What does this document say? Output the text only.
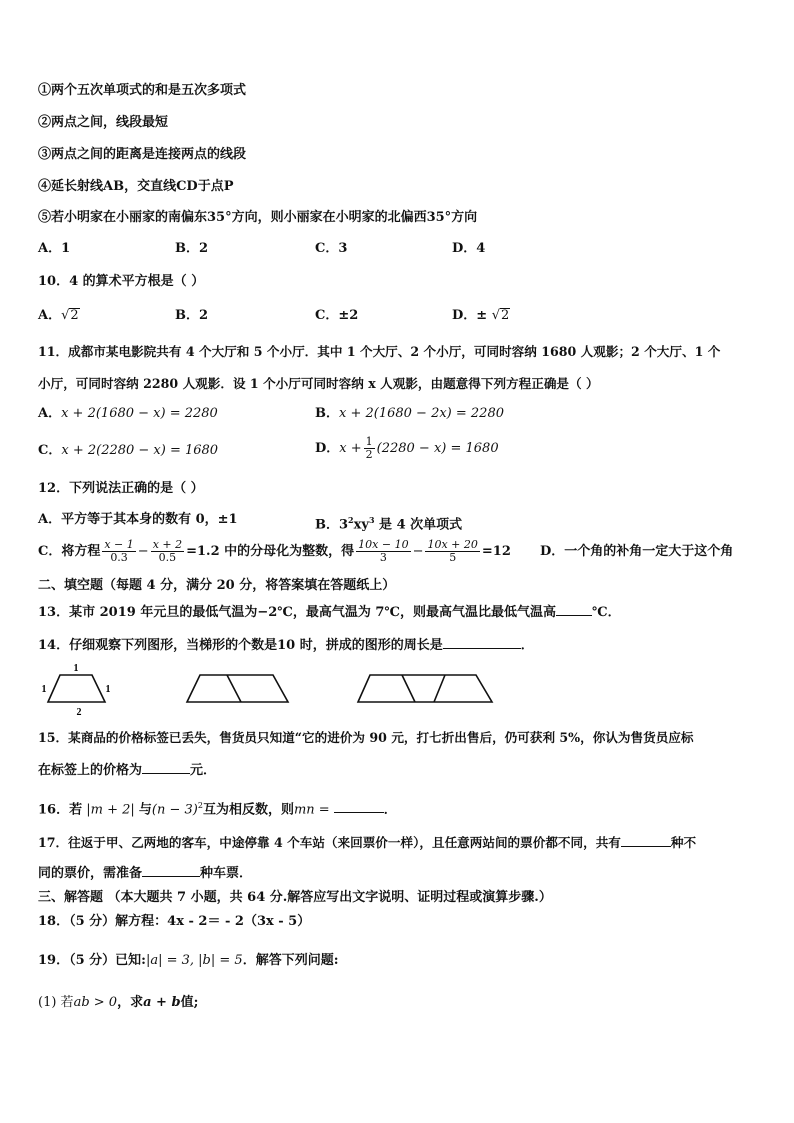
①两个五次单项式的和是五次多项式
②两点之间，线段最短
③两点之间的距离是连接两点的线段
④延长射线AB，交直线CD于点P
⑤若小明家在小丽家的南偏东35°方向，则小丽家在小明家的北偏西35°方向
A．1	B．2	C．3	D．4
10．4 的算术平方根是（ ）
A．√2	B．2	C．±2	D．± √2
11．成都市某电影院共有 4 个大厅和 5 个小厅．其中 1 个大厅、2 个小厅，可同时容纳 1680 人观影；2 个大厅、1 个
小厅，可同时容纳 2280 人观影．设 1 个小厅可同时容纳 x 人观影，由题意得下列方程正确是（ ）
A．x + 2(1680 − x) = 2280	B．x + 2(1680 − 2x) = 2280
C．x + 2(2280 − x) = 1680	D．$x + \frac{1}{2} (2280 - x) = 1680$
12．下列说法正确的是（ ）
A．平方等于其本身的数有 0，±1	B．$3^2xy^3$ 是 4 次单项式
C．将方程 $\frac{x - 1}{0.3} - \frac{x + 2}{0.5} =1.2$ 中的分母化为整数，得 $\frac{10x - 10}{3} - \frac{10x + 20}{5} =12$ D．一个角的补角一定大于这个角
二、填空题（每题 4 分，满分 20 分，将答案填在答题纸上）
13．某市 2019 年元旦的最低气温为−2℃，最高气温为 7℃，则最高气温比最低气温高	℃．
14．仔细观察下列图形，当梯形的个数是10 时，拼成的图形的周长是	．
1
1	1
2
15．某商品的价格标签已丢失，售货员只知道“它的进价为 90 元，打七折出售后，仍可获利 5%，你认为售货员应标
在标签上的价格为	元．
16．若 |m + 2| 与$(n - 3)^2$互为相反数，则mn =	．
17．往返于甲、乙两地的客车，中途停靠 4 个车站（来回票价一样），且任意两站间的票价都不同，共有	种不
同的票价，需准备	种车票．
三、解答题 （本大题共 7 小题，共 64 分.解答应写出文字说明、证明过程或演算步骤.）
18．（5 分）解方程：4x - 2＝ - 2（3x - 5）
19．（5 分）已知:|a| = 3, |b| = 5．解答下列问题:
(1) 若ab > 0，求a + b值;
